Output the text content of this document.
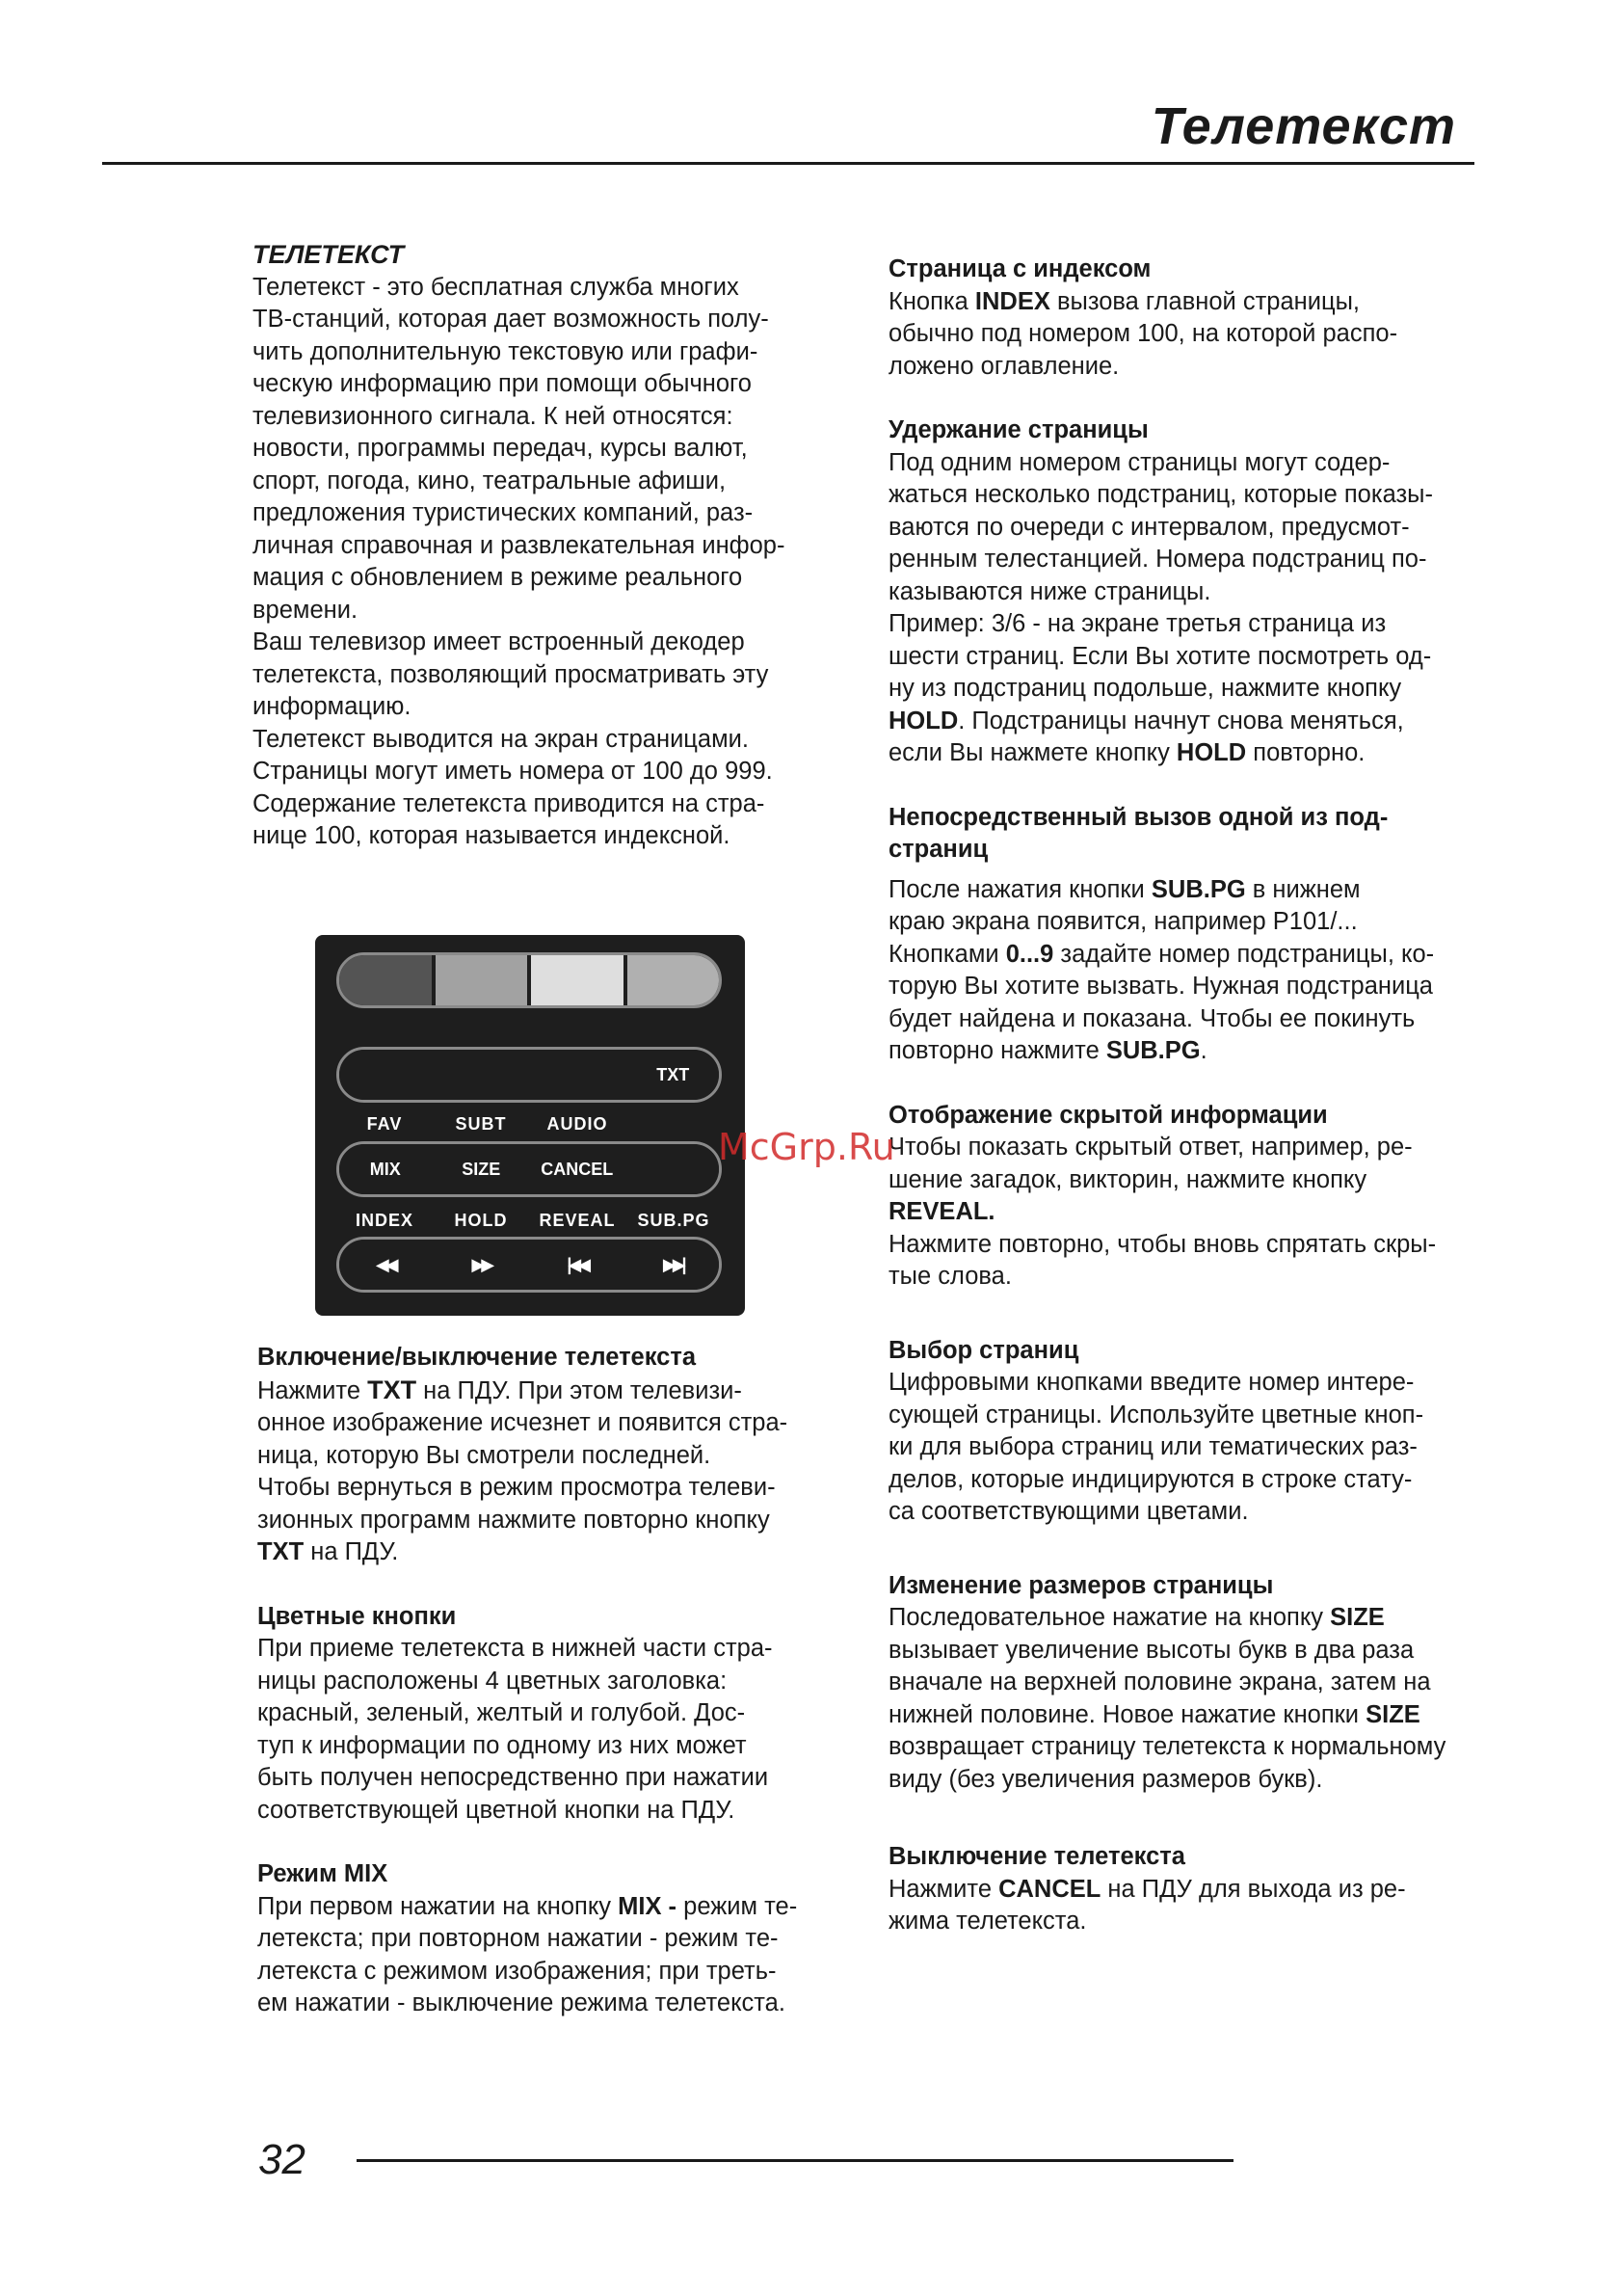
Телетекст

ТЕЛЕТЕКСТ

Телетекст - это бесплатная служба многих

ТВ-станций, которая дает возможность полу-

чить дополнительную текстовую или графи-

ческую информацию при помощи обычного

телевизионного сигнала. К ней относятся:

новости, программы передач, курсы валют,

спорт, погода, кино, театральные афиши,

предложения туристических компаний, раз-

личная справочная и развлекательная инфор-

мация с обновлением в режиме реального

времени.

Ваш телевизор имеет встроенный декодер

телетекста, позволяющий просматривать эту

информацию.

Телетекст выводится на экран страницами.

Страницы могут иметь номера от 100 до 999.

Содержание телетекста приводится на стра-

нице 100, которая называется индексной.

TXT
FAV	SUBT	AUDIO
MIX	SIZE	CANCEL
INDEX	HOLD	REVEAL	SUB.PG
◀◀	▶▶	|◀◀	▶▶|

Включение/выключение телетекста

Нажмите TXT на ПДУ. При этом телевизи-

онное изображение исчезнет и появится стра-

ница, которую Вы смотрели последней.

Чтобы вернуться в режим просмотра телеви-

зионных программ нажмите повторно кнопку

TXT на ПДУ.

Цветные кнопки

При приеме телетекста в нижней части стра-

ницы расположены 4 цветных заголовка:

красный, зеленый, желтый и голубой. Дос-

туп к информации по одному из них может

быть получен непосредственно при нажатии

соответствующей цветной кнопки на ПДУ.

Режим MIX

При первом нажатии на кнопку MIX - режим те-

летекста; при повторном нажатии - режим те-

летекста с режимом изображения; при треть-

ем нажатии - выключение режима телетекста.

Страница с индексом

Кнопка INDEX вызова главной страницы,

обычно под номером 100, на которой распо-

ложено оглавление.

Удержание страницы

Под одним номером страницы могут содер-

жаться несколько подстраниц, которые показы-

ваются по очереди с интервалом, предусмот-

ренным телестанцией. Номера подстраниц по-

казываются ниже страницы.

Пример: 3/6 - на экране третья страница из

шести страниц. Если Вы хотите посмотреть од-

ну из подстраниц подольше, нажмите кнопку

HOLD. Подстраницы начнут снова меняться,

если Вы нажмете кнопку HOLD повторно.

Непосредственный вызов одной из под-

страниц

После нажатия кнопки SUB.PG в нижнем

краю экрана появится, например P101/...

Кнопками 0...9 задайте номер подстраницы, ко-

торую Вы хотите вызвать. Нужная подстраница

будет найдена и показана. Чтобы ее покинуть

повторно нажмите SUB.PG.

Отображение скрытой информации

Чтобы показать скрытый ответ, например, ре-

шение загадок, викторин, нажмите кнопку

REVEAL.

Нажмите повторно, чтобы вновь спрятать скры-

тые слова.

Выбор страниц

Цифровыми кнопками введите номер интере-

сующей страницы. Используйте цветные кноп-

ки для выбора страниц или тематических раз-

делов, которые индицируются в строке стату-

са соответствующими цветами.

Изменение размеров страницы

Последовательное нажатие на кнопку SIZE

вызывает увеличение высоты букв в два раза

вначале на верхней половине экрана, затем на

нижней половине. Новое нажатие кнопки SIZE

возвращает страницу телетекста к нормальному

виду (без увеличения размеров букв).

Выключение телетекста

Нажмите CANCEL на ПДУ для выхода из ре-

жима телетекста.

McGrp.Ru
32
